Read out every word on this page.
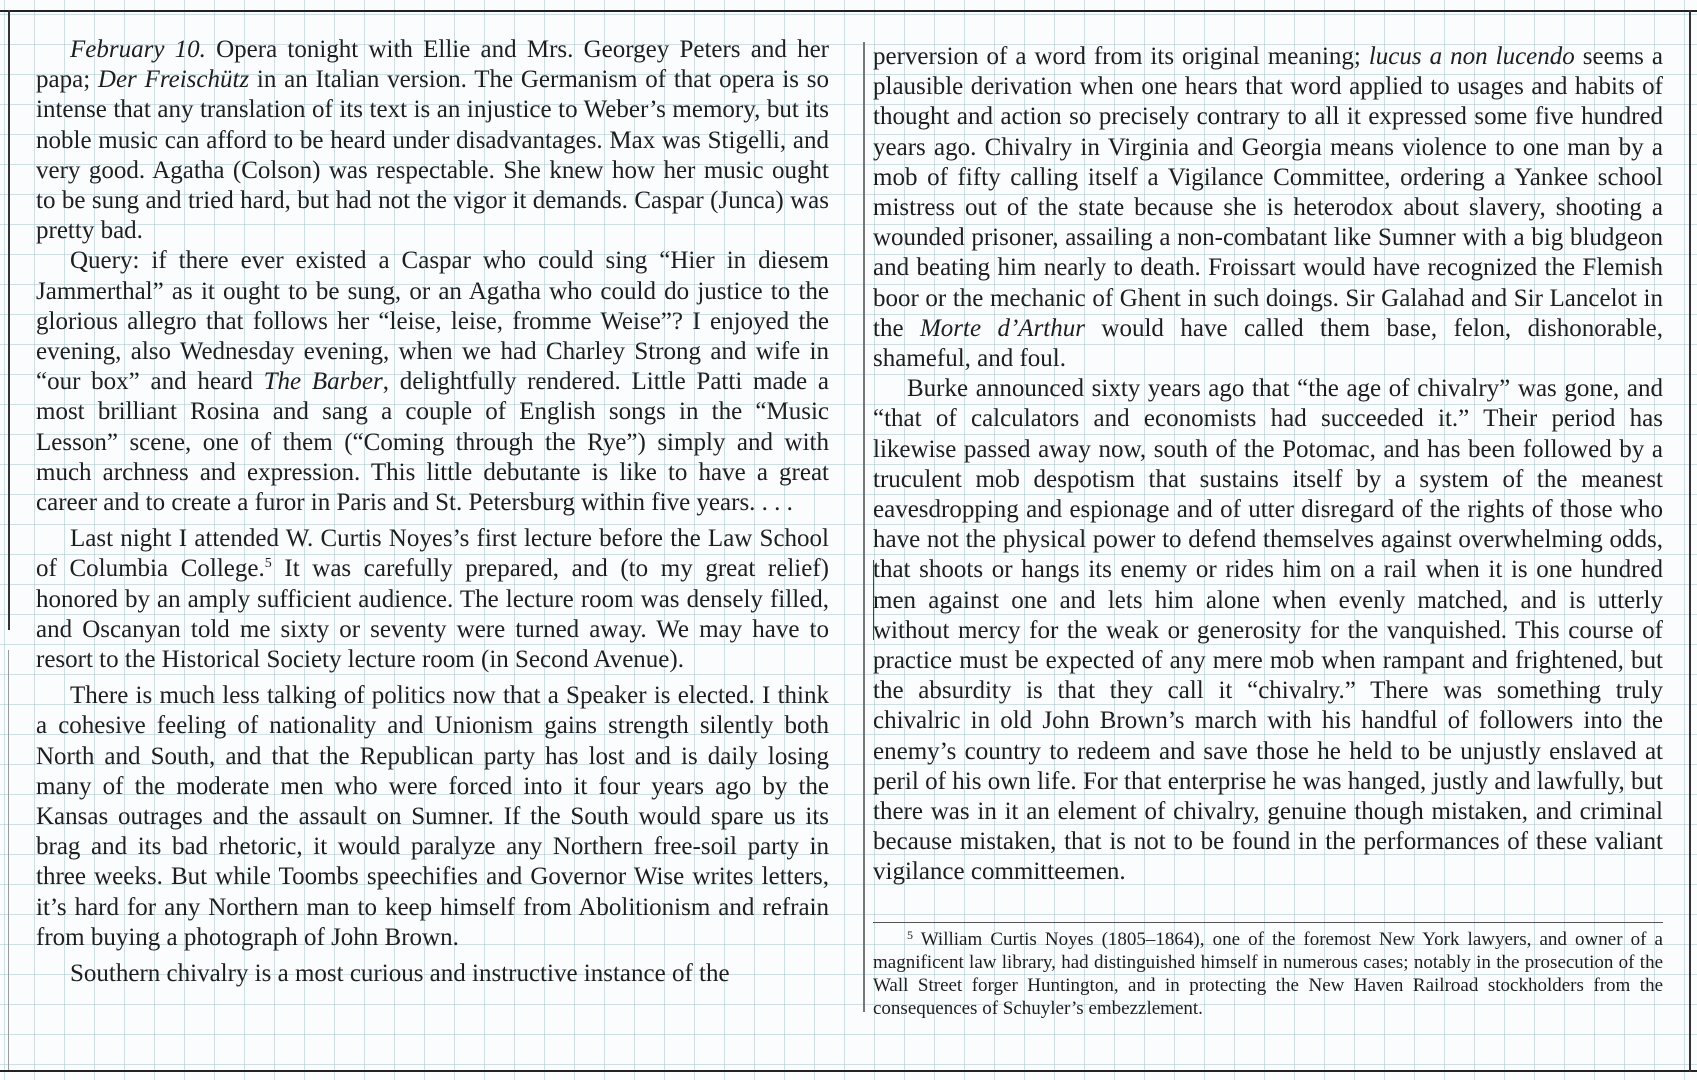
February 10. Opera tonight with Ellie and Mrs. Georgey Peters and her papa; Der Freischütz in an Italian version. The Germanism of that opera is so intense that any translation of its text is an injustice to Weber’s memory, but its noble music can afford to be heard under disadvantages. Max was Stigelli, and very good. Agatha (Colson) was respectable. She knew how her music ought to be sung and tried hard, but had not the vigor it demands. Caspar (Junca) was pretty bad.

Query: if there ever existed a Caspar who could sing “Hier in diesem Jammerthal” as it ought to be sung, or an Agatha who could do justice to the glorious allegro that follows her “leise, leise, fromme Weise”? I enjoyed the evening, also Wednesday evening, when we had Charley Strong and wife in “our box” and heard The Barber, delightfully rendered. Little Patti made a most brilliant Rosina and sang a couple of English songs in the “Music Lesson” scene, one of them (“Coming through the Rye”) simply and with much archness and expression. This little debutante is like to have a great career and to create a furor in Paris and St. Petersburg within five years. . . .

Last night I attended W. Curtis Noyes’s first lecture before the Law School of Columbia College.$^5$ It was carefully prepared, and (to my great relief) honored by an amply sufficient audience. The lecture room was densely filled, and Oscanyan told me sixty or seventy were turned away. We may have to resort to the Historical Society lecture room (in Second Avenue).

There is much less talking of politics now that a Speaker is elected. I think a cohesive feeling of nationality and Unionism gains strength silently both North and South, and that the Republican party has lost and is daily losing many of the moderate men who were forced into it four years ago by the Kansas outrages and the assault on Sumner. If the South would spare us its brag and its bad rhetoric, it would paralyze any Northern free-soil party in three weeks. But while Toombs speechifies and Governor Wise writes letters, it’s hard for any Northern man to keep himself from Abolitionism and refrain from buying a photograph of John Brown.

Southern chivalry is a most curious and instructive instance of the

perversion of a word from its original meaning; lucus a non lucendo seems a plausible derivation when one hears that word applied to usages and habits of thought and action so precisely contrary to all it expressed some five hundred years ago. Chivalry in Virginia and Georgia means violence to one man by a mob of fifty calling itself a Vigilance Committee, ordering a Yankee school mistress out of the state because she is heterodox about slavery, shooting a wounded prisoner, assailing a non-combatant like Sumner with a big bludgeon and beating him nearly to death. Froissart would have recognized the Flemish boor or the mechanic of Ghent in such doings. Sir Galahad and Sir Lancelot in the Morte d’Arthur would have called them base, felon, dishonorable, shameful, and foul.

Burke announced sixty years ago that “the age of chivalry” was gone, and “that of calculators and economists had succeeded it.” Their period has likewise passed away now, south of the Potomac, and has been followed by a truculent mob despotism that sustains itself by a system of the meanest eavesdropping and espionage and of utter disregard of the rights of those who have not the physical power to defend themselves against overwhelming odds, that shoots or hangs its enemy or rides him on a rail when it is one hundred men against one and lets him alone when evenly matched, and is utterly without mercy for the weak or generosity for the vanquished. This course of practice must be expected of any mere mob when rampant and frightened, but the absurdity is that they call it “chivalry.” There was something truly chivalric in old John Brown’s march with his handful of followers into the enemy’s country to redeem and save those he held to be unjustly enslaved at peril of his own life. For that enterprise he was hanged, justly and lawfully, but there was in it an element of chivalry, genuine though mistaken, and criminal because mistaken, that is not to be found in the performances of these valiant vigilance committeemen.

$^5$ William Curtis Noyes (1805–1864), one of the foremost New York lawyers, and owner of a magnificent law library, had distinguished himself in numerous cases; notably in the prosecution of the Wall Street forger Huntington, and in protecting the New Haven Railroad stockholders from the consequences of Schuyler’s embezzlement.
